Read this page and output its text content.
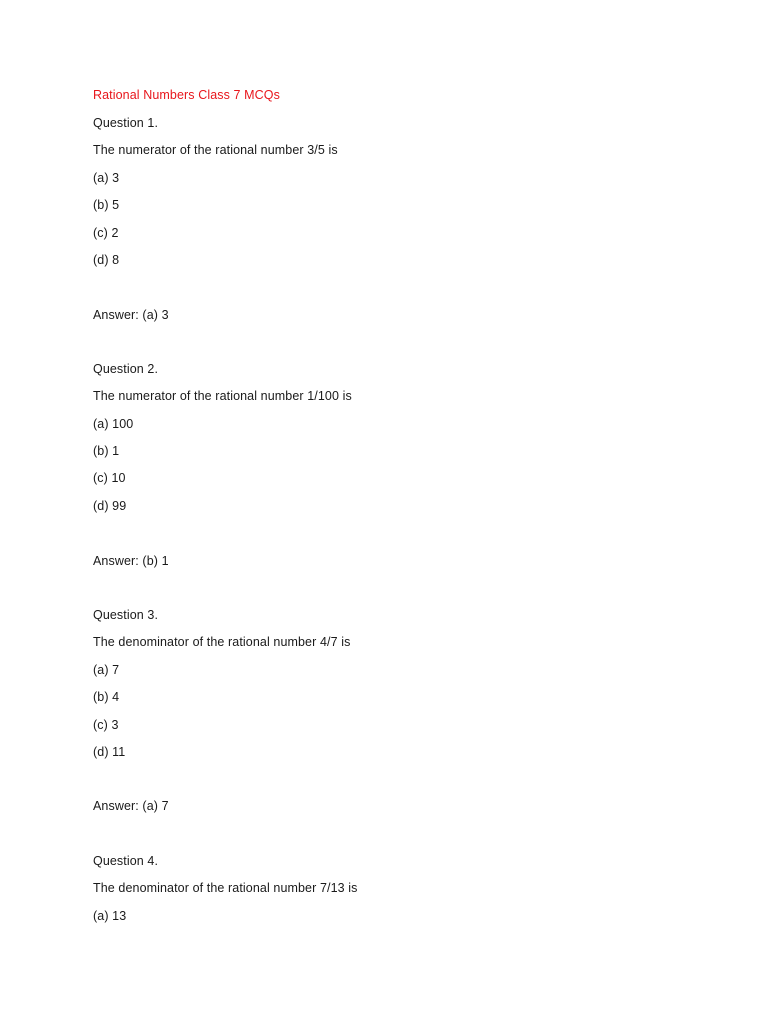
Rational Numbers Class 7 MCQs
Question 1.
The numerator of the rational number 3/5 is
(a) 3
(b) 5
(c) 2
(d) 8
Answer: (a) 3
Question 2.
The numerator of the rational number 1/100 is
(a) 100
(b) 1
(c) 10
(d) 99
Answer: (b) 1
Question 3.
The denominator of the rational number 4/7 is
(a) 7
(b) 4
(c) 3
(d) 11
Answer: (a) 7
Question 4.
The denominator of the rational number 7/13 is
(a) 13
